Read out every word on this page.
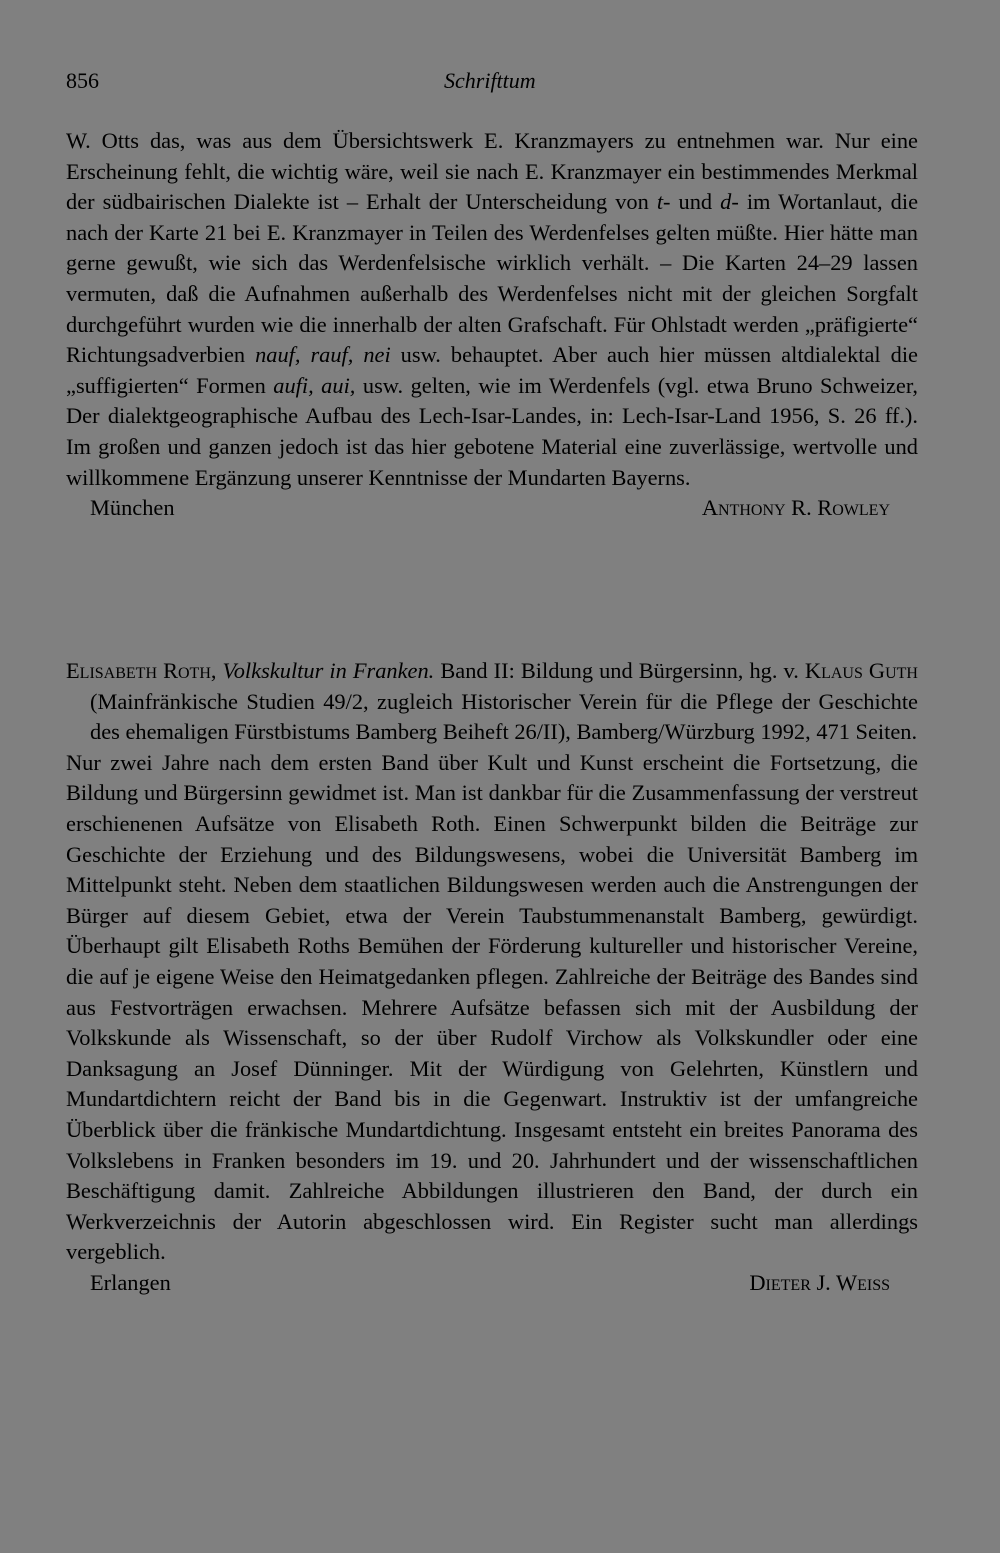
856	Schrifttum

W. Otts das, was aus dem Übersichtswerk E. Kranzmayers zu entnehmen war. Nur eine Erscheinung fehlt, die wichtig wäre, weil sie nach E. Kranzmayer ein bestimmendes Merkmal der südbairischen Dialekte ist – Erhalt der Unterscheidung von t- und d- im Wortanlaut, die nach der Karte 21 bei E. Kranzmayer in Teilen des Werdenfelses gelten müßte. Hier hätte man gerne gewußt, wie sich das Werdenfelsische wirklich verhält. – Die Karten 24–29 lassen vermuten, daß die Aufnahmen außerhalb des Werdenfelses nicht mit der gleichen Sorgfalt durchgeführt wurden wie die innerhalb der alten Grafschaft. Für Ohlstadt werden „präfigierte“ Richtungsadverbien nauf, rauf, nei usw. behauptet. Aber auch hier müssen altdialektal die „suffigierten“ Formen aufi, aui, usw. gelten, wie im Werdenfels (vgl. etwa Bruno Schweizer, Der dialektgeographische Aufbau des Lech-Isar-Landes, in: Lech-Isar-Land 1956, S. 26 ff.). Im großen und ganzen jedoch ist das hier gebotene Material eine zuverlässige, wertvolle und willkommene Ergänzung unserer Kenntnisse der Mundarten Bayerns.

München	Anthony R. Rowley

Elisabeth Roth, Volkskultur in Franken. Band II: Bildung und Bürgersinn, hg. v. Klaus Guth (Mainfränkische Studien 49/2, zugleich Historischer Verein für die Pflege der Geschichte des ehemaligen Fürstbistums Bamberg Beiheft 26/II), Bamberg/Würzburg 1992, 471 Seiten.

Nur zwei Jahre nach dem ersten Band über Kult und Kunst erscheint die Fortsetzung, die Bildung und Bürgersinn gewidmet ist. Man ist dankbar für die Zusammenfassung der verstreut erschienenen Aufsätze von Elisabeth Roth. Einen Schwerpunkt bilden die Beiträge zur Geschichte der Erziehung und des Bildungswesens, wobei die Universität Bamberg im Mittelpunkt steht. Neben dem staatlichen Bildungswesen werden auch die Anstrengungen der Bürger auf diesem Gebiet, etwa der Verein Taubstummenanstalt Bamberg, gewürdigt. Überhaupt gilt Elisabeth Roths Bemühen der Förderung kultureller und historischer Vereine, die auf je eigene Weise den Heimatgedanken pflegen. Zahlreiche der Beiträge des Bandes sind aus Festvorträgen erwachsen. Mehrere Aufsätze befassen sich mit der Ausbildung der Volkskunde als Wissenschaft, so der über Rudolf Virchow als Volkskundler oder eine Danksagung an Josef Dünninger. Mit der Würdigung von Gelehrten, Künstlern und Mundartdichtern reicht der Band bis in die Gegenwart. Instruktiv ist der umfangreiche Überblick über die fränkische Mundartdichtung. Insgesamt entsteht ein breites Panorama des Volkslebens in Franken besonders im 19. und 20. Jahrhundert und der wissenschaftlichen Beschäftigung damit. Zahlreiche Abbildungen illustrieren den Band, der durch ein Werkverzeichnis der Autorin abgeschlossen wird. Ein Register sucht man allerdings vergeblich.

Erlangen	Dieter J. Weiss
